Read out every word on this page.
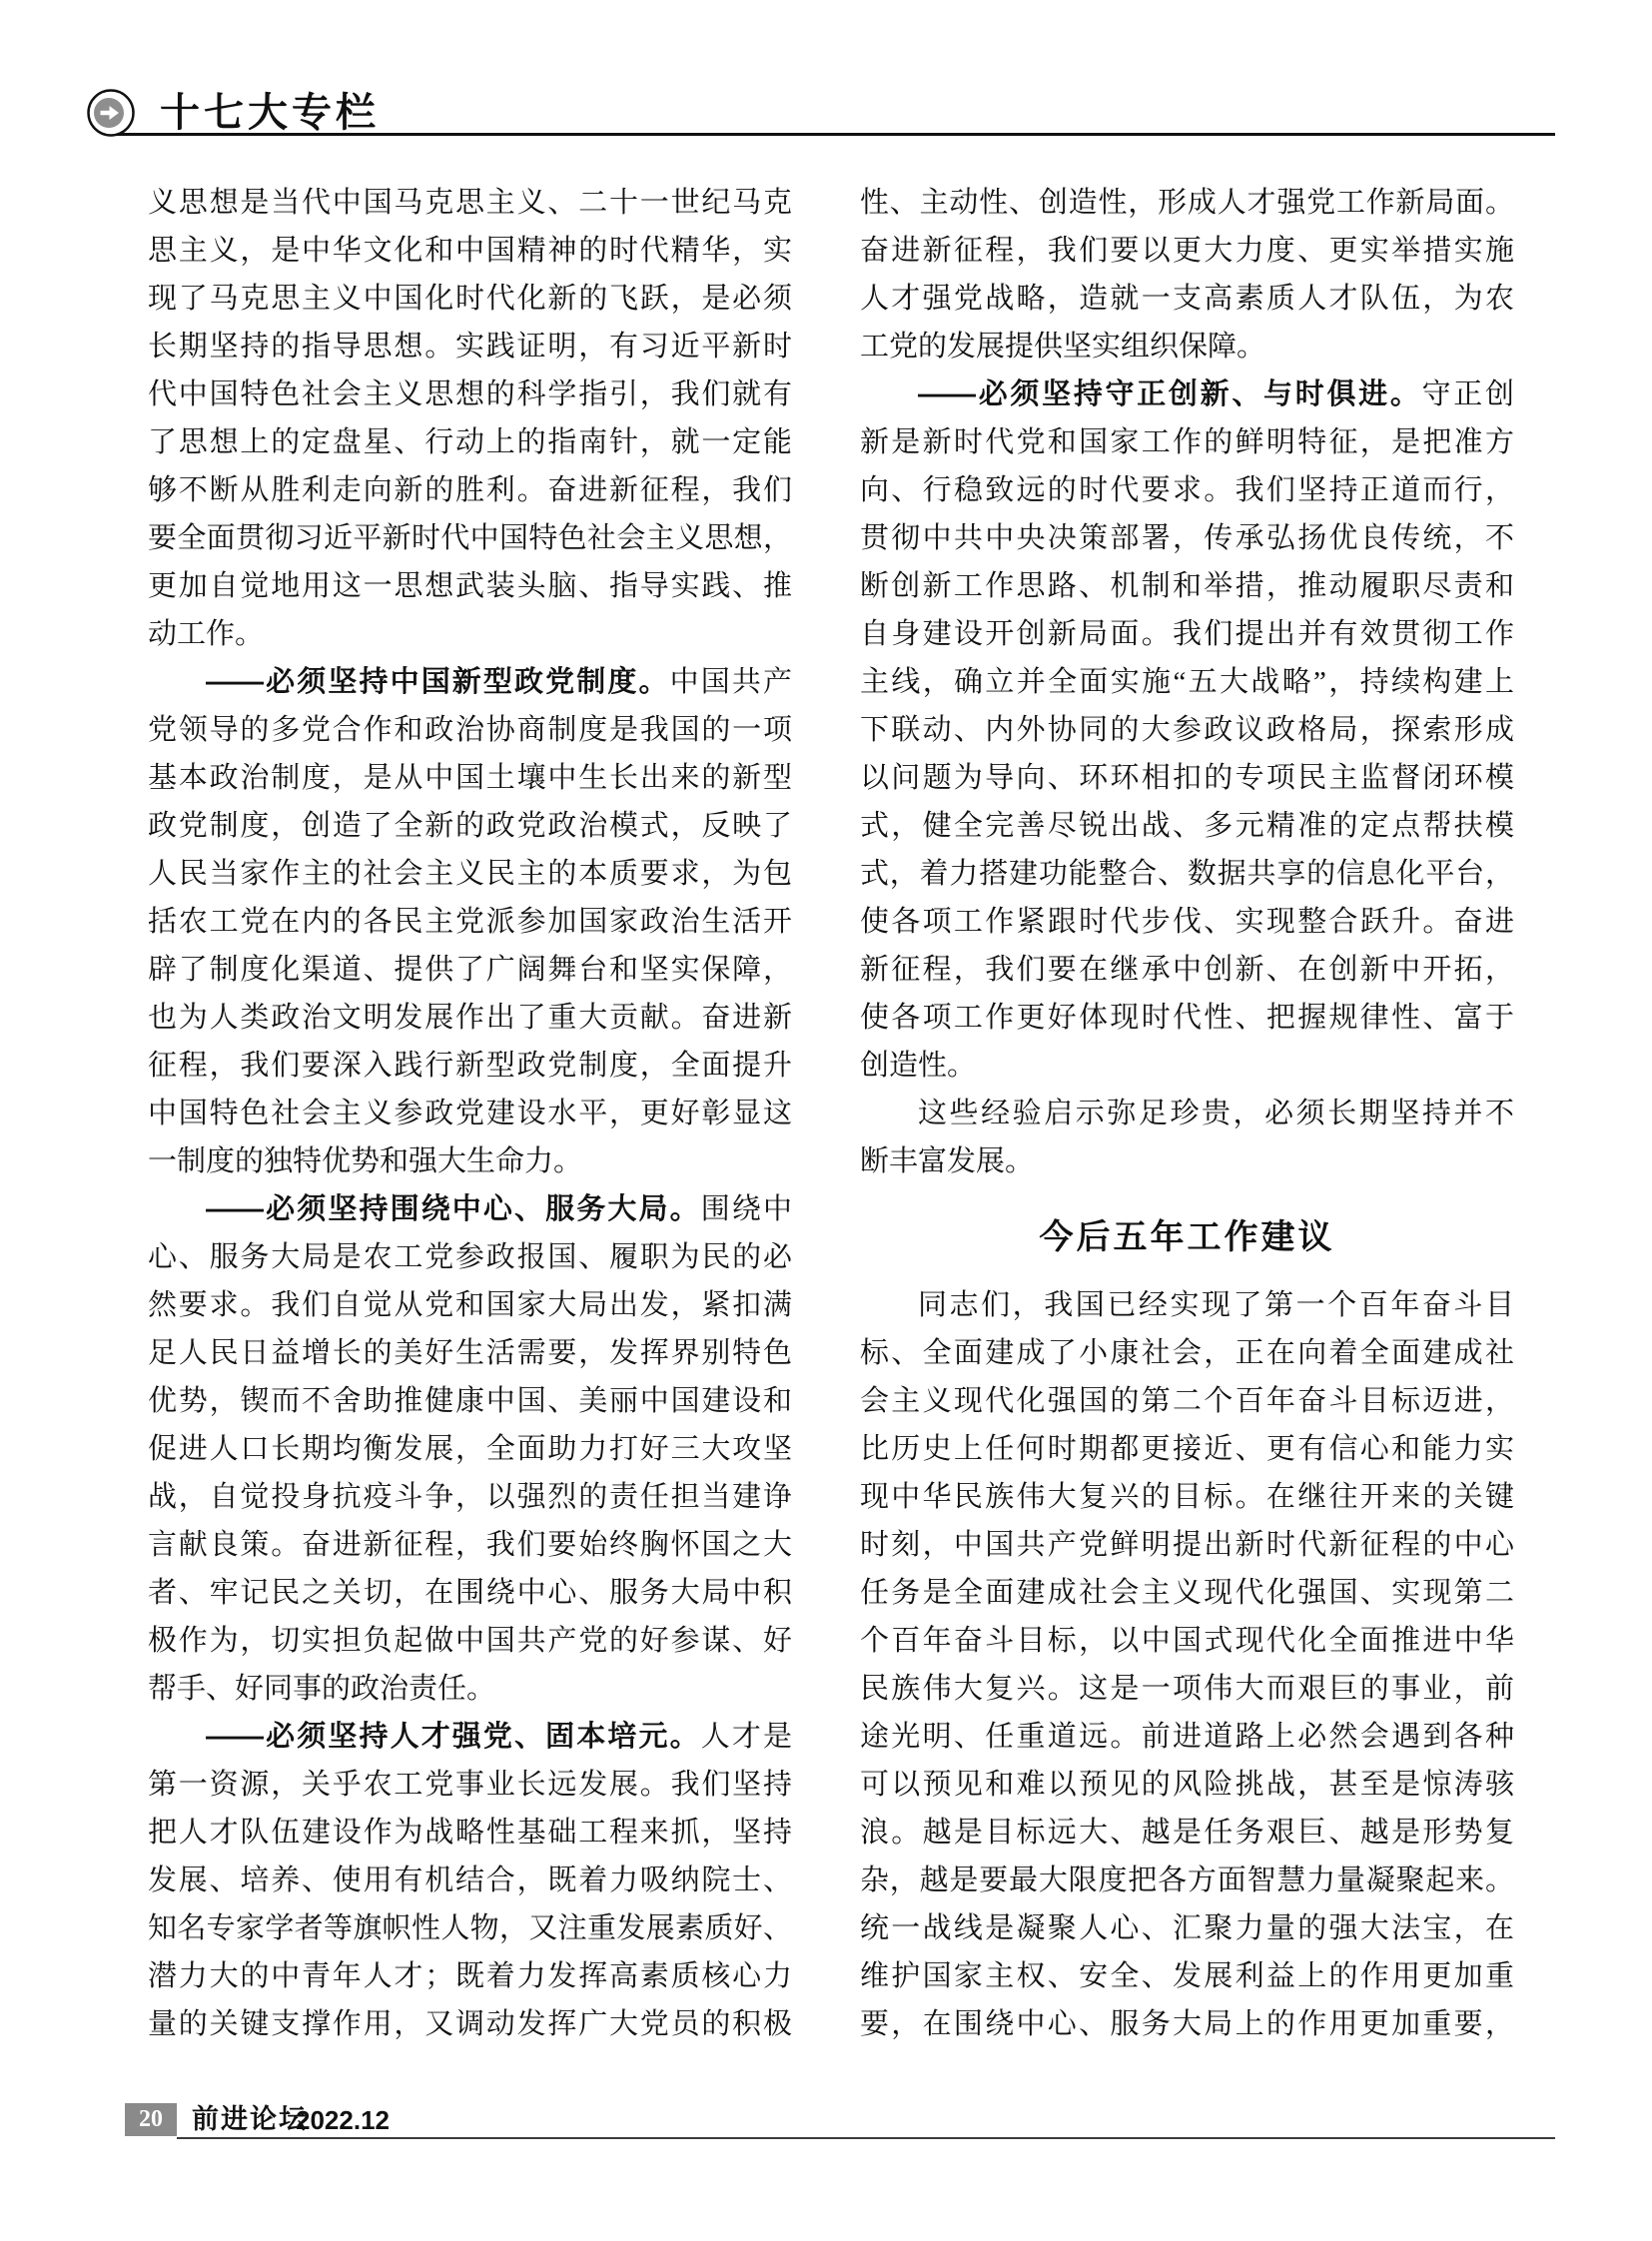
十七大专栏
义思想是当代中国马克思主义、二十一世纪马克
思主义，是中华文化和中国精神的时代精华，实
现了马克思主义中国化时代化新的飞跃，是必须
长期坚持的指导思想。实践证明，有习近平新时
代中国特色社会主义思想的科学指引，我们就有
了思想上的定盘星、行动上的指南针，就一定能
够不断从胜利走向新的胜利。奋进新征程，我们
要全面贯彻习近平新时代中国特色社会主义思想，
更加自觉地用这一思想武装头脑、指导实践、推
动工作。
——必须坚持中国新型政党制度。中国共产
党领导的多党合作和政治协商制度是我国的一项
基本政治制度，是从中国土壤中生长出来的新型
政党制度，创造了全新的政党政治模式，反映了
人民当家作主的社会主义民主的本质要求，为包
括农工党在内的各民主党派参加国家政治生活开
辟了制度化渠道、提供了广阔舞台和坚实保障，
也为人类政治文明发展作出了重大贡献。奋进新
征程，我们要深入践行新型政党制度，全面提升
中国特色社会主义参政党建设水平，更好彰显这
一制度的独特优势和强大生命力。
——必须坚持围绕中心、服务大局。围绕中
心、服务大局是农工党参政报国、履职为民的必
然要求。我们自觉从党和国家大局出发，紧扣满
足人民日益增长的美好生活需要，发挥界别特色
优势，锲而不舍助推健康中国、美丽中国建设和
促进人口长期均衡发展，全面助力打好三大攻坚
战，自觉投身抗疫斗争，以强烈的责任担当建诤
言献良策。奋进新征程，我们要始终胸怀国之大
者、牢记民之关切，在围绕中心、服务大局中积
极作为，切实担负起做中国共产党的好参谋、好
帮手、好同事的政治责任。
——必须坚持人才强党、固本培元。人才是
第一资源，关乎农工党事业长远发展。我们坚持
把人才队伍建设作为战略性基础工程来抓，坚持
发展、培养、使用有机结合，既着力吸纳院士、
知名专家学者等旗帜性人物，又注重发展素质好、
潜力大的中青年人才；既着力发挥高素质核心力
量的关键支撑作用，又调动发挥广大党员的积极
性、主动性、创造性，形成人才强党工作新局面。
奋进新征程，我们要以更大力度、更实举措实施
人才强党战略，造就一支高素质人才队伍，为农
工党的发展提供坚实组织保障。
——必须坚持守正创新、与时俱进。守正创
新是新时代党和国家工作的鲜明特征，是把准方
向、行稳致远的时代要求。我们坚持正道而行，
贯彻中共中央决策部署，传承弘扬优良传统，不
断创新工作思路、机制和举措，推动履职尽责和
自身建设开创新局面。我们提出并有效贯彻工作
主线，确立并全面实施“五大战略”，持续构建上
下联动、内外协同的大参政议政格局，探索形成
以问题为导向、环环相扣的专项民主监督闭环模
式，健全完善尽锐出战、多元精准的定点帮扶模
式，着力搭建功能整合、数据共享的信息化平台，
使各项工作紧跟时代步伐、实现整合跃升。奋进
新征程，我们要在继承中创新、在创新中开拓，
使各项工作更好体现时代性、把握规律性、富于
创造性。
这些经验启示弥足珍贵，必须长期坚持并不
断丰富发展。
今后五年工作建议
同志们，我国已经实现了第一个百年奋斗目
标、全面建成了小康社会，正在向着全面建成社
会主义现代化强国的第二个百年奋斗目标迈进，
比历史上任何时期都更接近、更有信心和能力实
现中华民族伟大复兴的目标。在继往开来的关键
时刻，中国共产党鲜明提出新时代新征程的中心
任务是全面建成社会主义现代化强国、实现第二
个百年奋斗目标，以中国式现代化全面推进中华
民族伟大复兴。这是一项伟大而艰巨的事业，前
途光明、任重道远。前进道路上必然会遇到各种
可以预见和难以预见的风险挑战，甚至是惊涛骇
浪。越是目标远大、越是任务艰巨、越是形势复
杂，越是要最大限度把各方面智慧力量凝聚起来。
统一战线是凝聚人心、汇聚力量的强大法宝，在
维护国家主权、安全、发展利益上的作用更加重
要，在围绕中心、服务大局上的作用更加重要，
20	前进论坛
2022.12
